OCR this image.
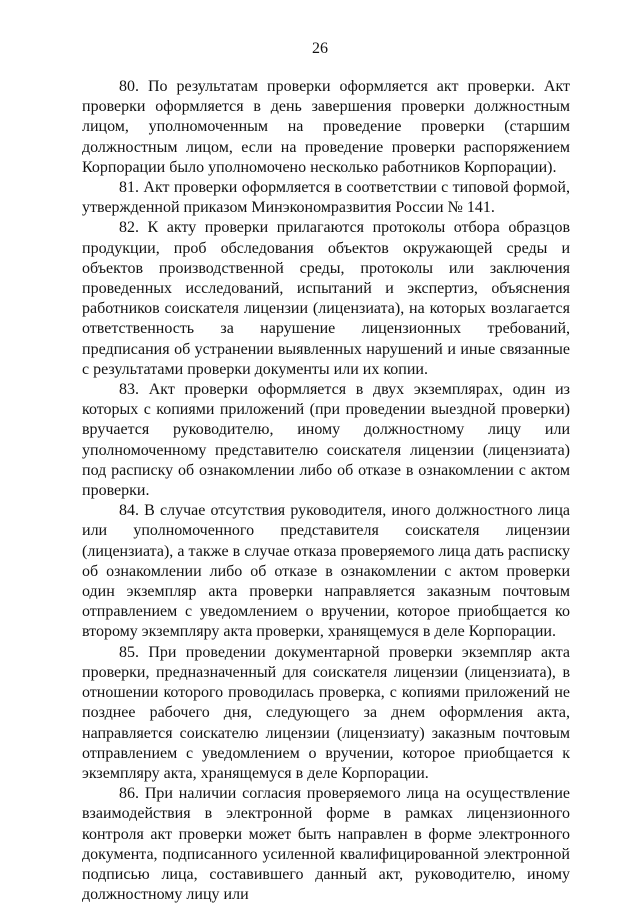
26

80. По результатам проверки оформляется акт проверки. Акт проверки оформляется в день завершения проверки должностным лицом, уполномоченным на проведение проверки (старшим должностным лицом, если на проведение проверки распоряжением Корпорации было уполномочено несколько работников Корпорации).

81. Акт проверки оформляется в соответствии с типовой формой, утвержденной приказом Минэкономразвития России № 141.

82. К акту проверки прилагаются протоколы отбора образцов продукции, проб обследования объектов окружающей среды и объектов производственной среды, протоколы или заключения проведенных исследований, испытаний и экспертиз, объяснения работников соискателя лицензии (лицензиата), на которых возлагается ответственность за нарушение лицензионных требований, предписания об устранении выявленных нарушений и иные связанные с результатами проверки документы или их копии.

83. Акт проверки оформляется в двух экземплярах, один из которых с копиями приложений (при проведении выездной проверки) вручается руководителю, иному должностному лицу или уполномоченному представителю соискателя лицензии (лицензиата) под расписку об ознакомлении либо об отказе в ознакомлении с актом проверки.

84. В случае отсутствия руководителя, иного должностного лица или уполномоченного представителя соискателя лицензии (лицензиата), а также в случае отказа проверяемого лица дать расписку об ознакомлении либо об отказе в ознакомлении с актом проверки один экземпляр акта проверки направляется заказным почтовым отправлением с уведомлением о вручении, которое приобщается ко второму экземпляру акта проверки, хранящемуся в деле Корпорации.

85. При проведении документарной проверки экземпляр акта проверки, предназначенный для соискателя лицензии (лицензиата), в отношении которого проводилась проверка, с копиями приложений не позднее рабочего дня, следующего за днем оформления акта, направляется соискателю лицензии (лицензиату) заказным почтовым отправлением с уведомлением о вручении, которое приобщается к экземпляру акта, хранящемуся в деле Корпорации.

86. При наличии согласия проверяемого лица на осуществление взаимодействия в электронной форме в рамках лицензионного контроля акт проверки может быть направлен в форме электронного документа, подписанного усиленной квалифицированной электронной подписью лица, составившего данный акт, руководителю, иному должностному лицу или
